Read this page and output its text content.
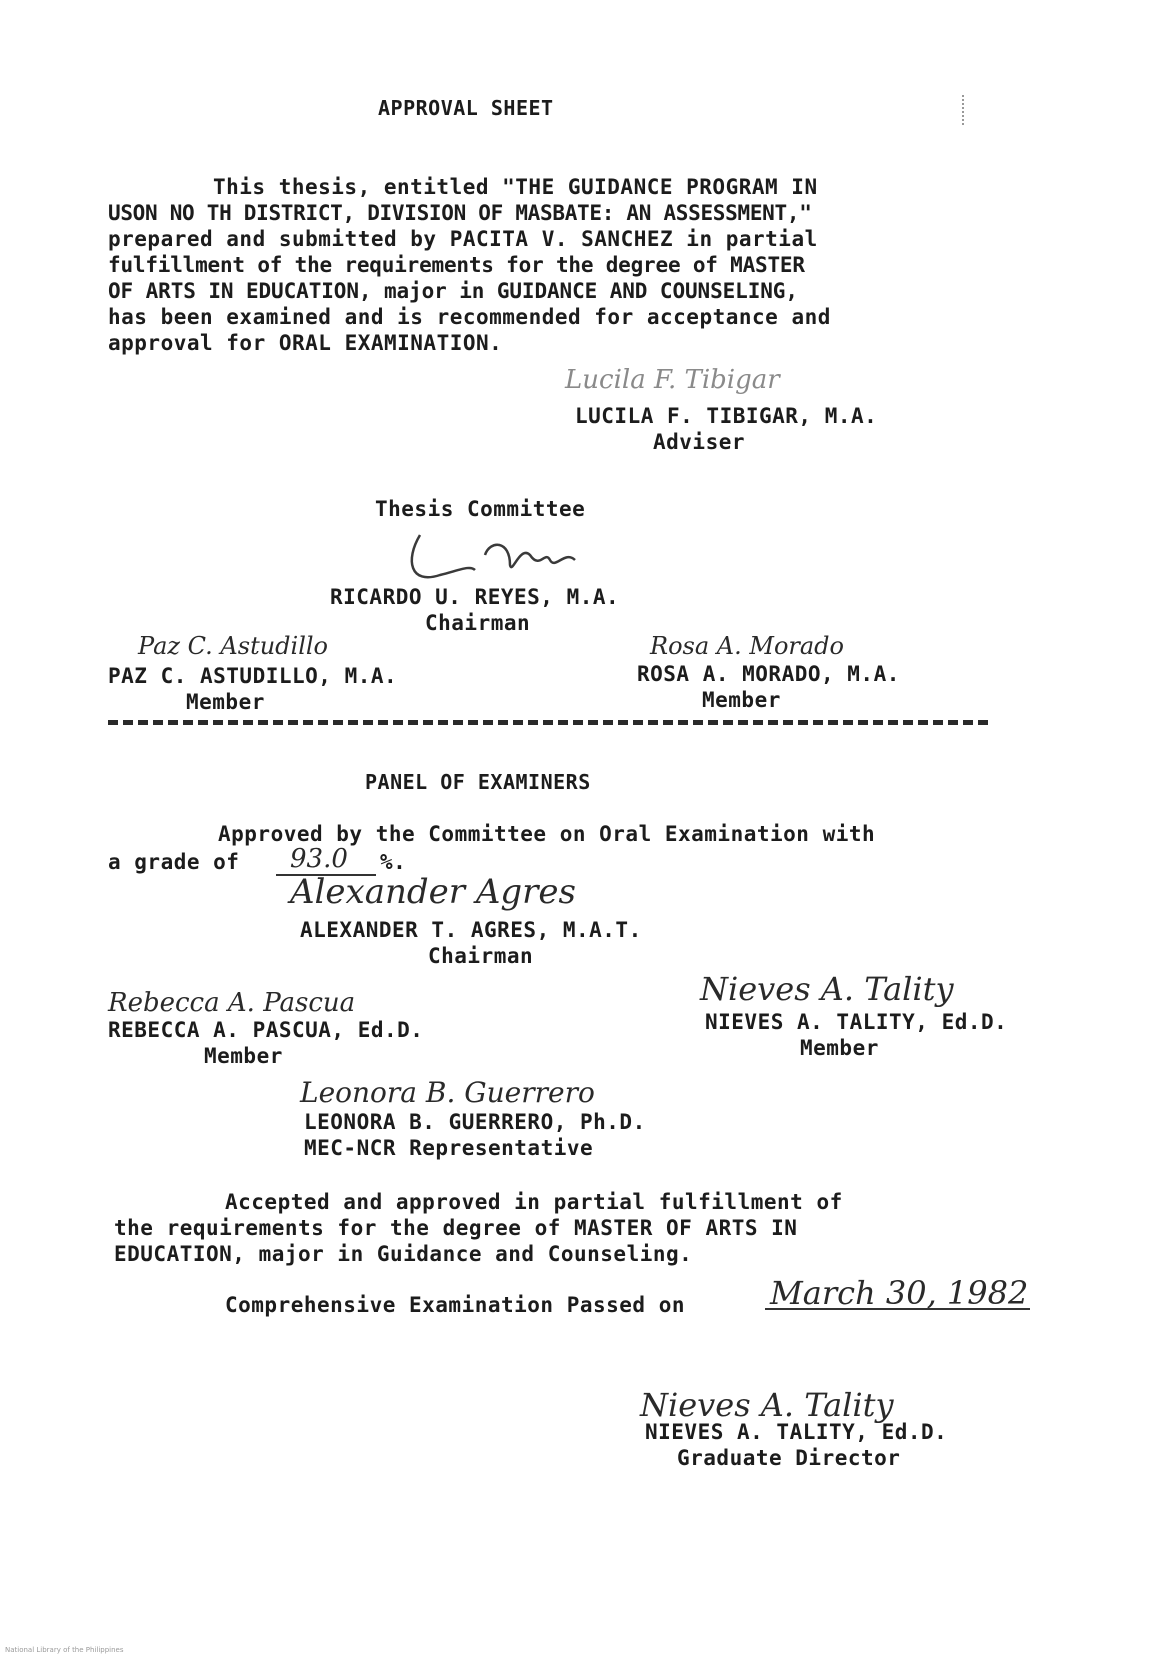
APPROVAL SHEET
This thesis, entitled "THE GUIDANCE PROGRAM IN
USON NO TH DISTRICT, DIVISION OF MASBATE: AN ASSESSMENT,"
prepared and submitted by PACITA V. SANCHEZ in partial
fulfillment of the requirements for the degree of MASTER
OF ARTS IN EDUCATION, major in GUIDANCE AND COUNSELING,
has been examined and is recommended for acceptance and
approval for ORAL EXAMINATION.
Lucila F. Tibigar
LUCILA F. TIBIGAR, M.A.
Adviser
Thesis Committee
RICARDO U. REYES, M.A.
Chairman
Paz C. Astudillo
PAZ C. ASTUDILLO, M.A.
Member
Rosa A. Morado
ROSA A. MORADO, M.A.
Member
PANEL OF EXAMINERS
Approved by the Committee on Oral Examination with
a grade of 93.0 %.
Alexander Agres
ALEXANDER T. AGRES, M.A.T.
Chairman
Rebecca A. Pascua
REBECCA A. PASCUA, Ed.D.
Member
Nieves A. Tality
NIEVES A. TALITY, Ed.D.
Member
Leonora B. Guerrero
LEONORA B. GUERRERO, Ph.D.
MEC-NCR Representative
Accepted and approved in partial fulfillment of
the requirements for the degree of MASTER OF ARTS IN
EDUCATION, major in Guidance and Counseling.
Comprehensive Examination Passed on	March 30, 1982
Nieves A. Tality
NIEVES A. TALITY, Ed.D.
Graduate Director
National Library of the Philippines
